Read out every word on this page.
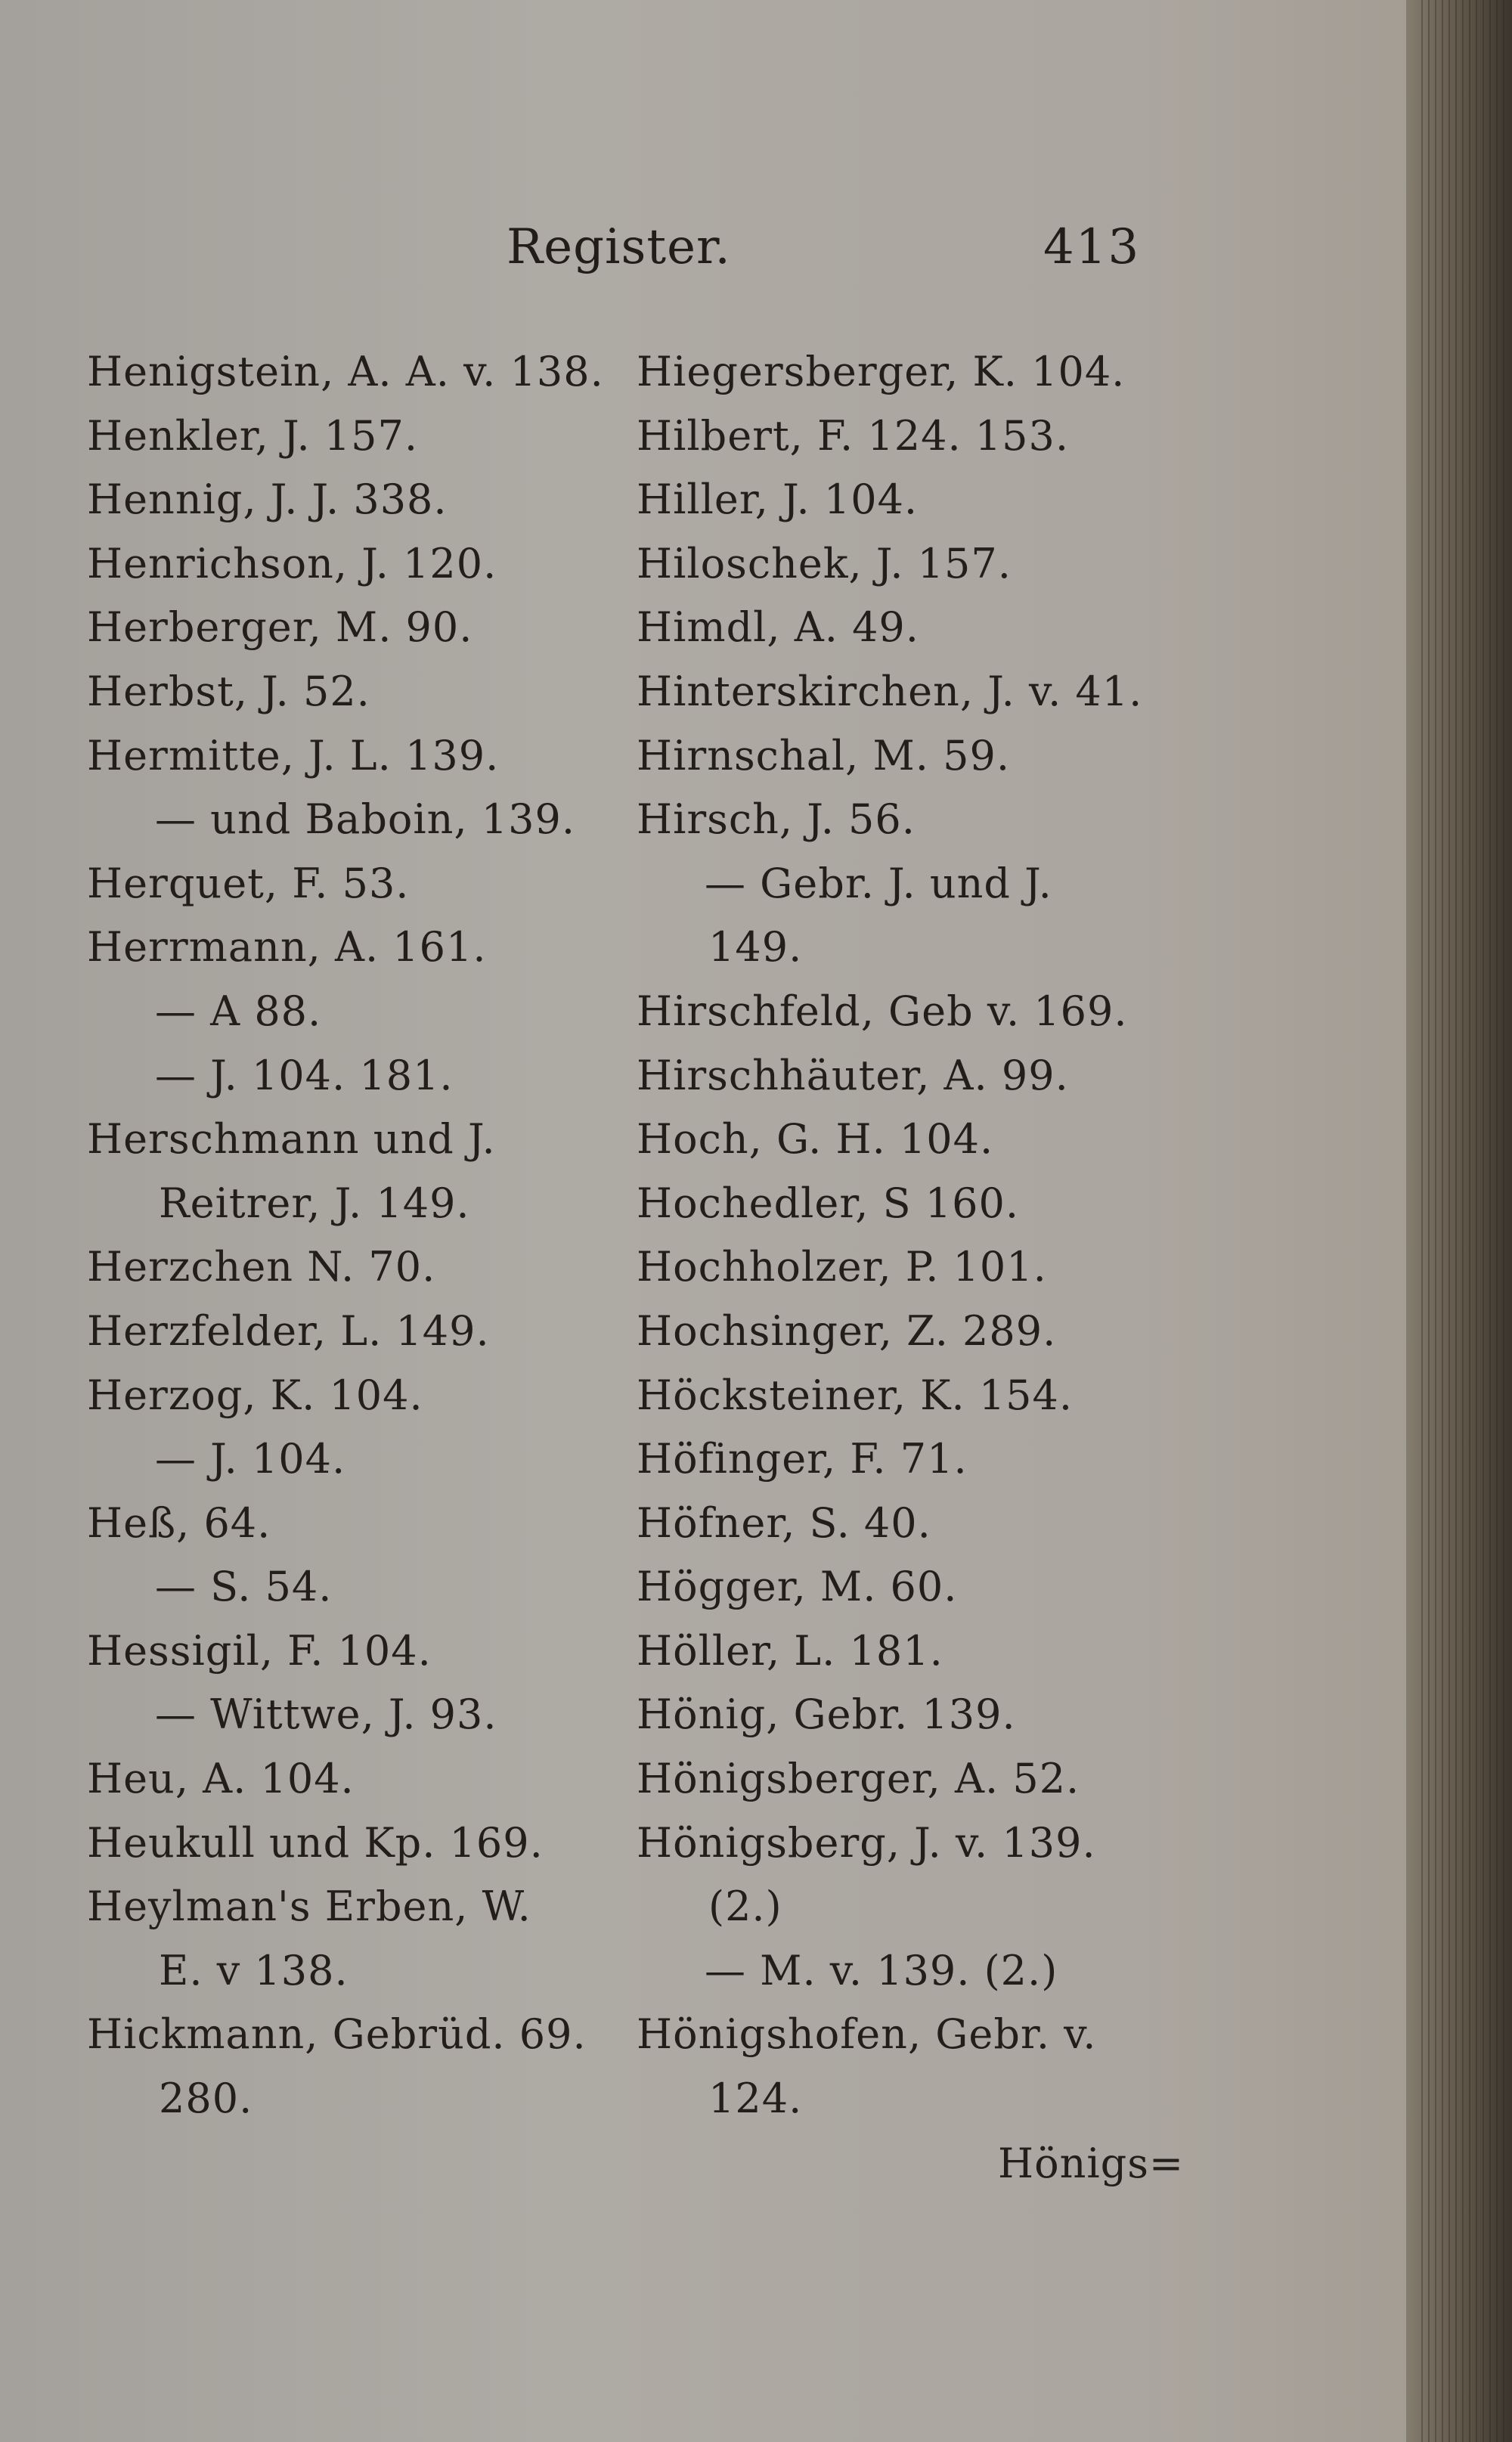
Register.	413
Henigstein, A. A. v. 138.
Henkler, J. 157.
Hennig, J. J. 338.
Henrichson, J. 120.
Herberger, M. 90.
Herbst, J. 52.
Hermitte, J. L. 139.
— und Baboin, 139.
Herquet, F. 53.
Herrmann, A. 161.
— A 88.
— J. 104. 181.
Herschmann und J.
Reitrer, J. 149.
Herzchen N. 70.
Herzfelder, L. 149.
Herzog, K. 104.
— J. 104.
Heß, 64.
— S. 54.
Hessigil, F. 104.
— Wittwe, J. 93.
Heu, A. 104.
Heukull und Kp. 169.
Heylman's Erben, W.
E. v 138.
Hickmann, Gebrüd. 69.
280.
Hiegersberger, K. 104.
Hilbert, F. 124. 153.
Hiller, J. 104.
Hiloschek, J. 157.
Himdl, A. 49.
Hinterskirchen, J. v. 41.
Hirnschal, M. 59.
Hirsch, J. 56.
— Gebr. J. und J.
149.
Hirschfeld, Geb v. 169.
Hirschhäuter, A. 99.
Hoch, G. H. 104.
Hochedler, S 160.
Hochholzer, P. 101.
Hochsinger, Z. 289.
Höcksteiner, K. 154.
Höfinger, F. 71.
Höfner, S. 40.
Högger, M. 60.
Höller, L. 181.
Hönig, Gebr. 139.
Hönigsberger, A. 52.
Hönigsberg, J. v. 139.
(2.)
— M. v. 139. (2.)
Hönigshofen, Gebr. v.
124.
Hönigs=
